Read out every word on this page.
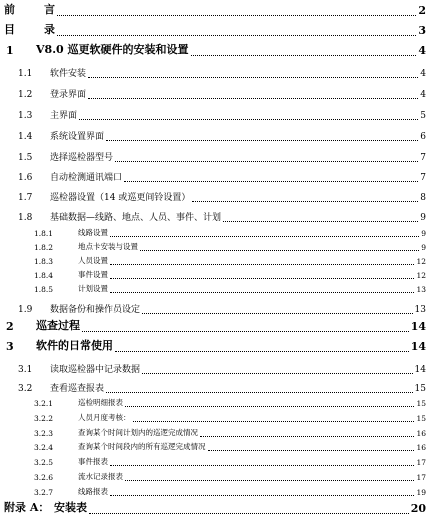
前	言	2
目	录	3
1 V8.0 巡更软硬件的安装和设置	4
1.1 软件安装	4
1.2 登录界面	4
1.3 主界面	5
1.4 系统设置界面	6
1.5 选择巡检器型号	7
1.6 自动检测通讯端口	7
1.7 巡检器设置（14 或巡更间铃设置）	8
1.8 基础数据—线路、地点、人员、事件、计划	9
1.8.1	线路设置	9
1.8.2	地点卡安装与设置	9
1.8.3	人员设置	12
1.8.4	事件设置	12
1.8.5	计划设置	13
1.9 数据备份和操作员设定	13
2 巡查过程	14
3 软件的日常使用	14
3.1 读取巡检器中记录数据	14
3.2 查看巡查报表	15
3.2.1	巡检明细报表	15
3.2.2	人员月度考核：	15
3.2.3	查询某个时间计划内的巡逻完成情况	16
3.2.4	查询某个时间段内的所有巡逻完成情况	16
3.2.5	事件报表	17
3.2.6	流水记录报表	17
3.2.7	线路报表	19
附录 A： 安装表	20
